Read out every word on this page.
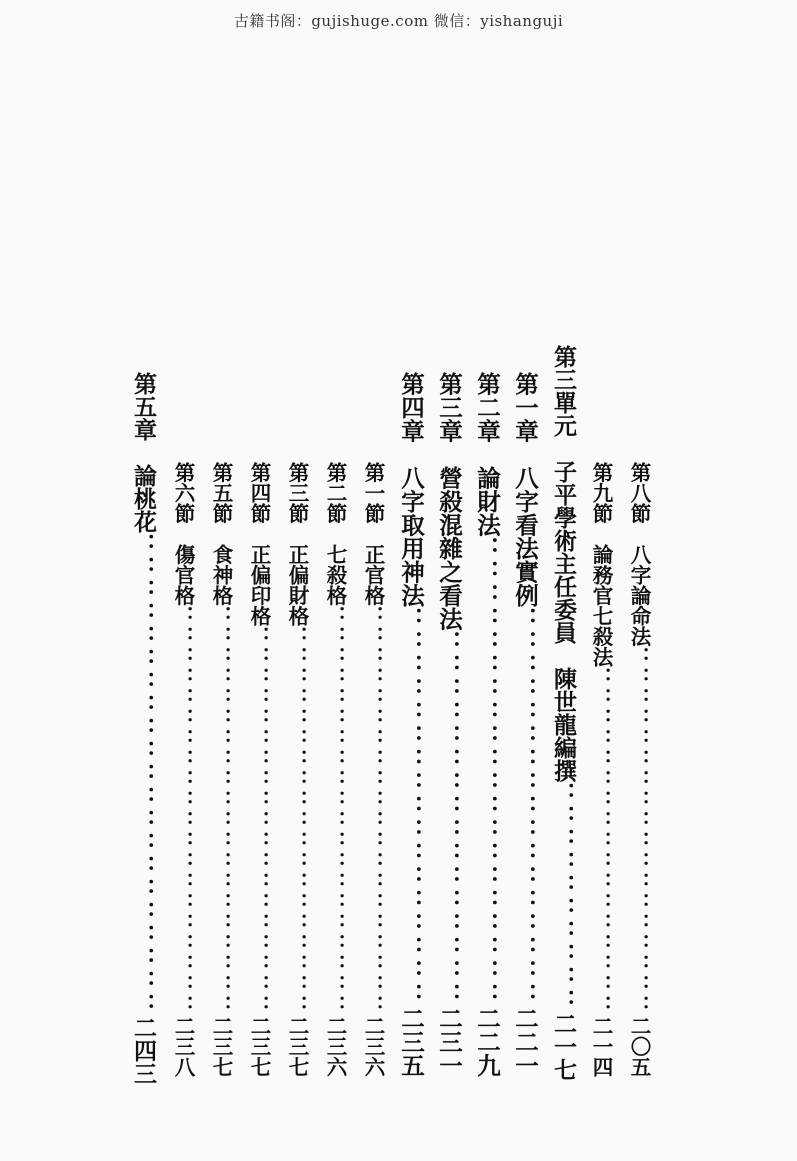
古籍书阁：gujishuge.com 微信：yishanguji
第八節　八字論命法：：：：：：：：：：：：：：：：：：二〇五
第九節　論務官七殺法：：：：：：：：：：：：：：：：：二一四
第三單元　子平學術主任委員　陳世龍編撰：：：：：：：：：：二一七
第一章　八字看法實例：：：：：：：：：：：：：：：：：二二一
第二章　論財法：：：：：：：：：：：：：：：：：：：：二二九
第三章　營殺混雜之看法：：：：：：：：：：：：：：：：二三一
第四章　八字取用神法：：：：：：：：：：：：：：：：：二三五
第一節　正官格：：：：：：：：：：：：：：：：：：：：二三六
第二節　七殺格：：：：：：：：：：：：：：：：：：：：二三六
第三節　正偏財格：：：：：：：：：：：：：：：：：：：二三七
第四節　正偏印格：：：：：：：：：：：：：：：：：：：二三七
第五節　食神格：：：：：：：：：：：：：：：：：：：：二三七
第六節　傷官格：：：：：：：：：：：：：：：：：：：：二三八
第五章　論桃花：：：：：：：：：：：：：：：：：：：：：二四三
